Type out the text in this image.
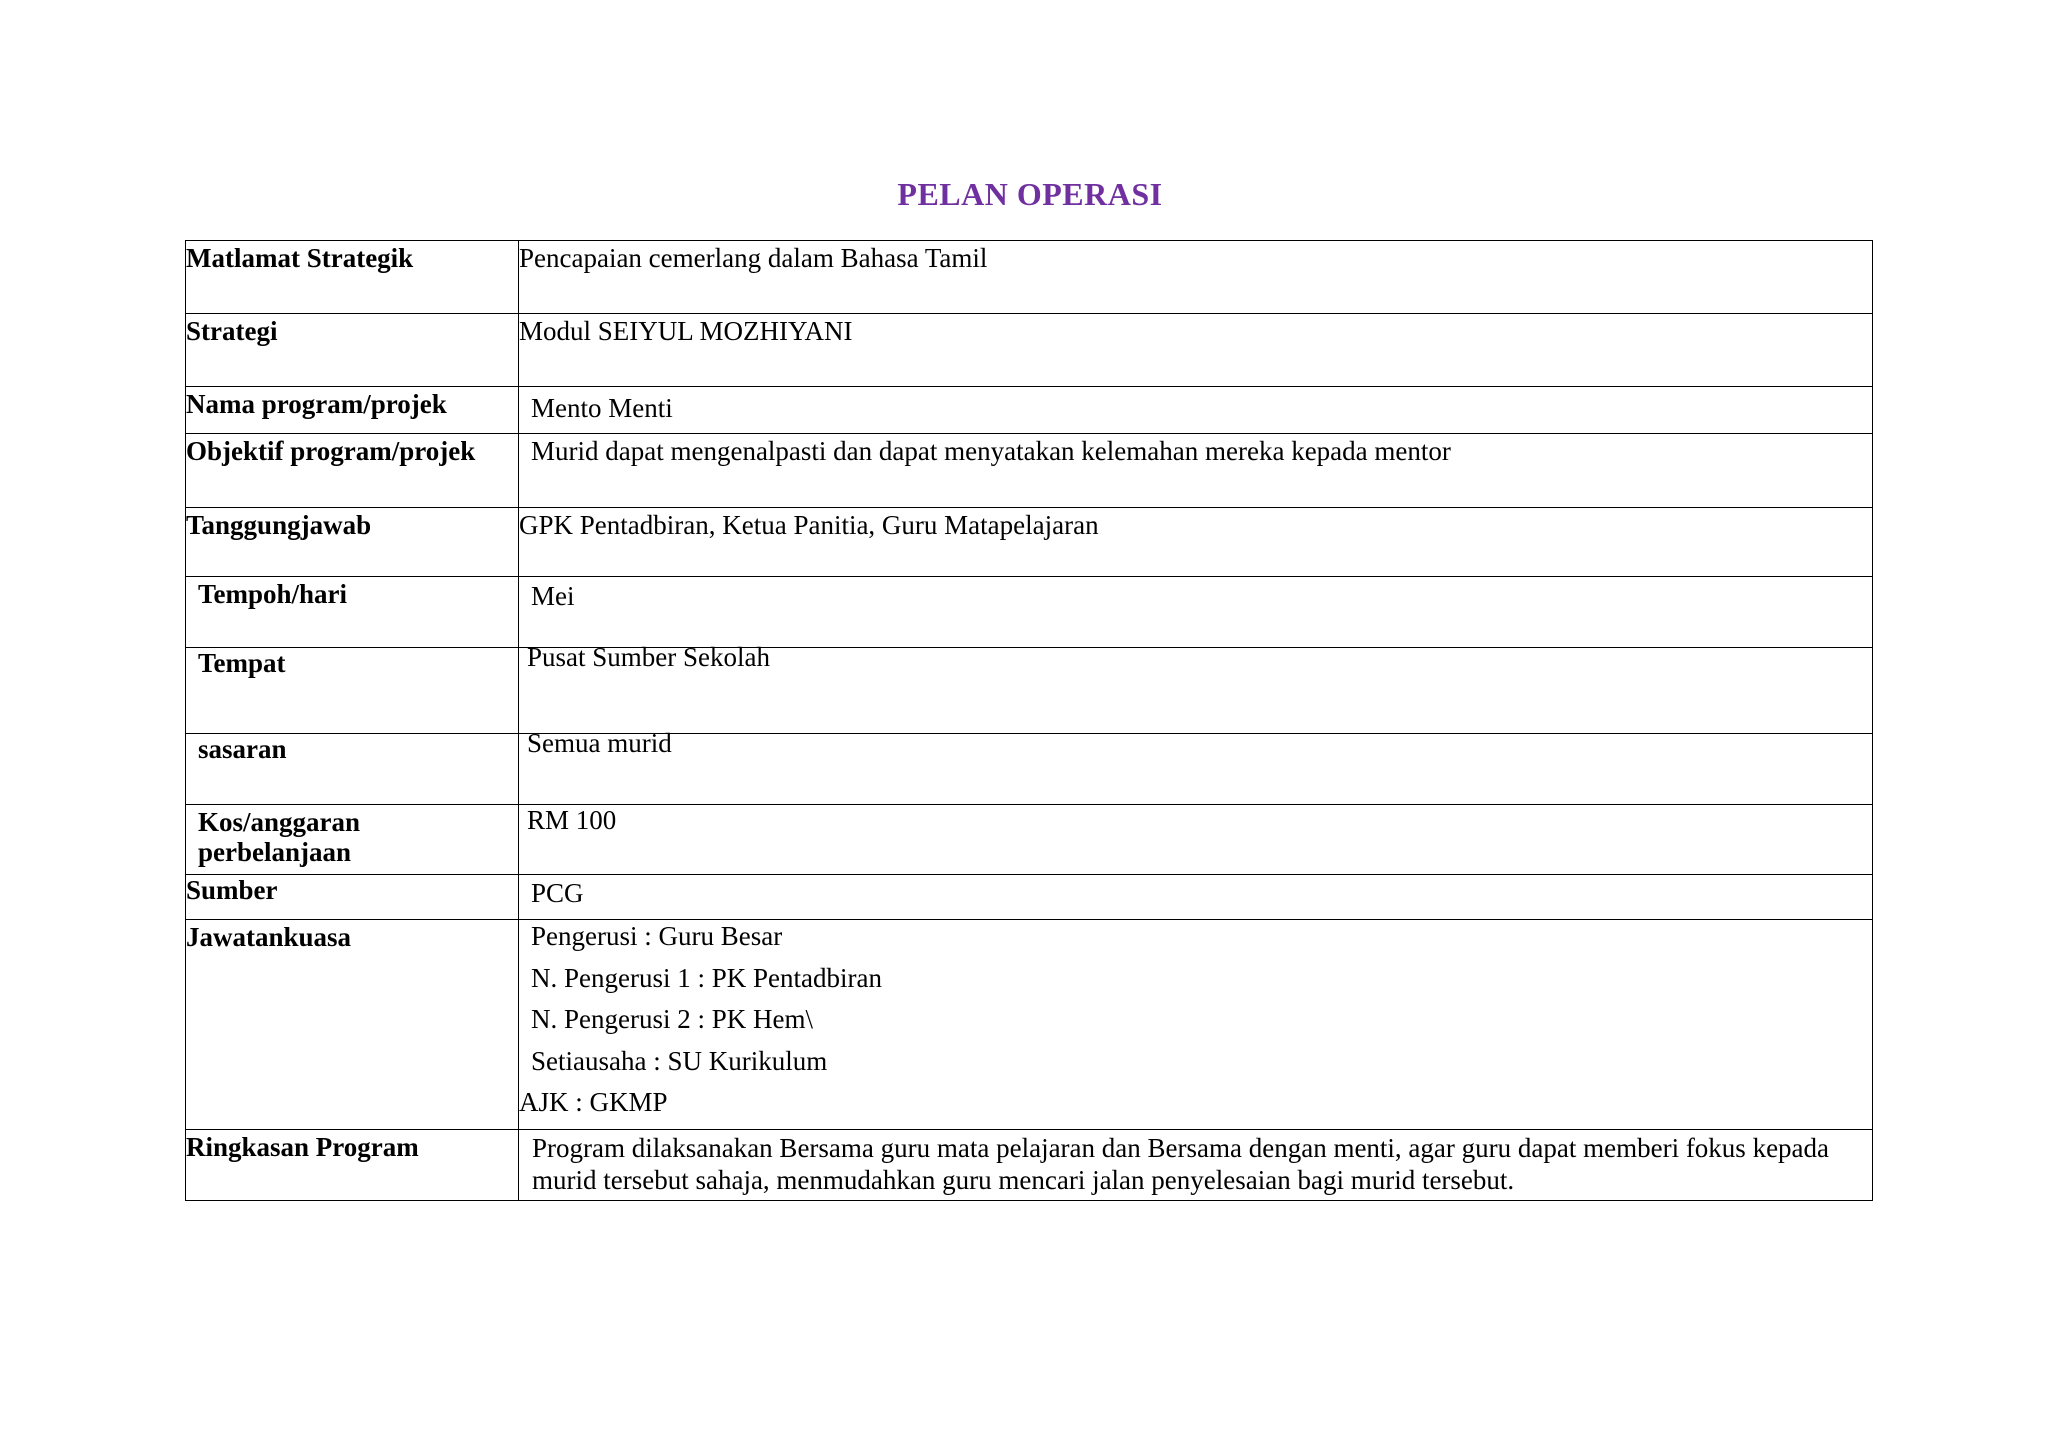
PELAN OPERASI
Matlamat Strategik	Pencapaian cemerlang dalam Bahasa Tamil

Strategi	Modul SEIYUL MOZHIYANI

Nama program/projek	Mento Menti

Objektif program/projek	Murid dapat mengenalpasti dan dapat menyatakan kelemahan mereka kepada mentor

Tanggungjawab	GPK Pentadbiran, Ketua Panitia, Guru Matapelajaran

Tempoh/hari	Mei

Tempat	Pusat Sumber Sekolah

sasaran	Semua murid

Kos/anggaran perbelanjaan	RM 100

Sumber	PCG

Jawatankuasa	Pengerusi : Guru Besar
N. Pengerusi 1 : PK Pentadbiran
N. Pengerusi 2 : PK Hem\
Setiausaha : SU Kurikulum
AJK : GKMP

Ringkasan Program	Program dilaksanakan Bersama guru mata pelajaran dan Bersama dengan menti, agar guru dapat memberi fokus kepada murid tersebut sahaja, menmudahkan guru mencari jalan penyelesaian bagi murid tersebut.
